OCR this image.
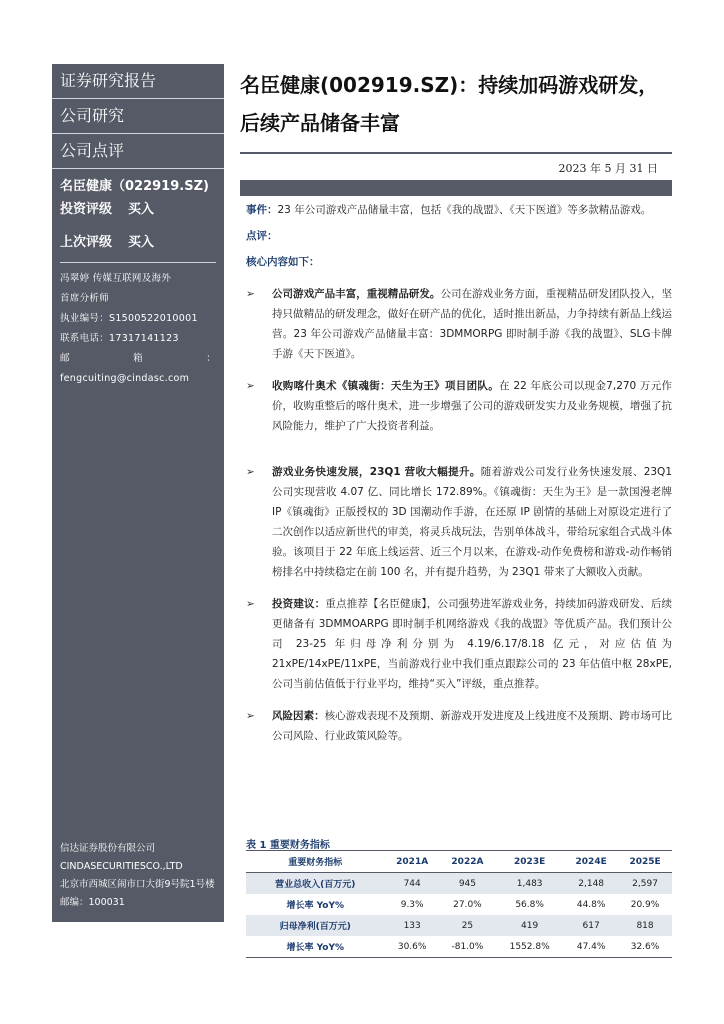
证券研究报告
公司研究
公司点评
名臣健康（022919.SZ)
投资评级 买入
上次评级 买入
冯翠婷 传媒互联网及海外
首席分析师
执业编号：S1500522010001
联系电话：17317141123
邮	箱	：
fengcuiting@cindasc.com
信达证券股份有限公司
CINDASECURITIESCO.,LTD
北京市西城区闹市口大街9号院1号楼
邮编：100031
名臣健康(002919.SZ)：持续加码游戏研发，
后续产品储备丰富
2023 年 5 月 31 日

事件：23 年公司游戏产品储量丰富，包括《我的战盟》、《天下医道》等多款精品游戏。

点评：

核心内容如下：

➢ 公司游戏产品丰富，重视精品研发。公司在游戏业务方面，重视精品研发团队投入，坚持只做精品的研发理念，做好在研产品的优化，适时推出新品，力争持续有新品上线运营。23 年公司游戏产品储量丰富：3DMMORPG 即时制手游《我的战盟》、SLG卡牌手游《天下医道》。
➢ 收购喀什奥术《镇魂街：天生为王》项目团队。在 22 年底公司以现金7,270 万元作价，收购重整后的喀什奥术，进一步增强了公司的游戏研发实力及业务规模，增强了抗风险能力，维护了广大投资者利益。
➢ 游戏业务快速发展，23Q1 营收大幅提升。随着游戏公司发行业务快速发展、23Q1 公司实现营收 4.07 亿、同比增长 172.89%。《镇魂街：天生为王》是一款国漫老牌 IP《镇魂街》正版授权的 3D 国潮动作手游，在还原 IP 剧情的基础上对原设定进行了二次创作以适应新世代的审美，将灵兵战玩法，告别单体战斗，带给玩家组合式战斗体验。该项目于 22 年底上线运营、近三个月以来，在游戏-动作免费榜和游戏-动作畅销榜排名中持续稳定在前 100 名，并有提升趋势，为 23Q1 带来了大额收入贡献。
➢ 投资建议：重点推荐【名臣健康】，公司强势进军游戏业务，持续加码游戏研发、后续更储备有 3DMMOARPG 即时制手机网络游戏《我的战盟》等优质产品。我们预计公司 23-25 年归母净利分别为 4.19/6.17/8.18 亿元，对应估值为 21xPE/14xPE/11xPE，当前游戏行业中我们重点跟踪公司的 23 年估值中枢 28xPE,公司当前估值低于行业平均，维持“买入”评级，重点推荐。
➢ 风险因素：核心游戏表现不及预期、新游戏开发进度及上线进度不及预期、跨市场可比公司风险、行业政策风险等。
表 1 重要财务指标
重要财务指标	2021A	2022A	2023E	2024E	2025E
营业总收入(百万元)	744	945	1,483	2,148	2,597
增长率 YoY%	9.3%	27.0%	56.8%	44.8%	20.9%
归母净利(百万元)	133	25	419	617	818
增长率 YoY%	30.6%	-81.0%	1552.8%	47.4%	32.6%
